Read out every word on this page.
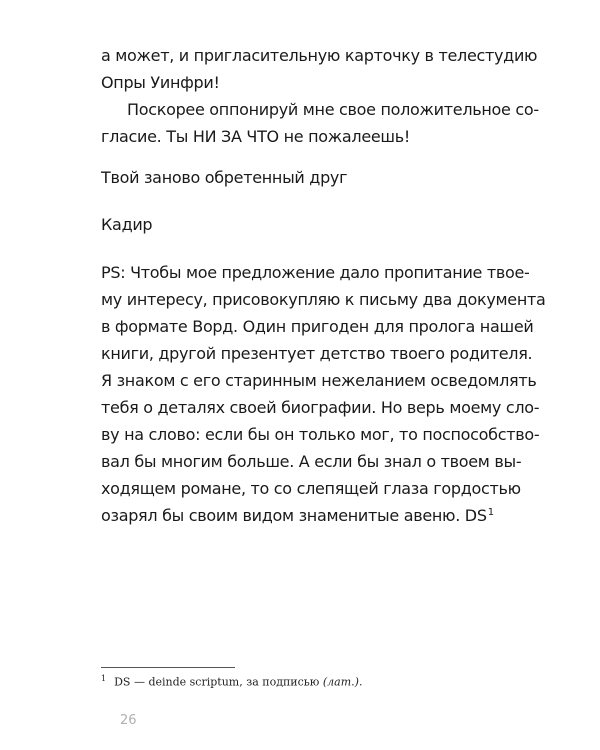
а может, и пригласительную карточку в телестудию
Опры Уинфри!
Поскорее оппонируй мне свое положительное со-
гласие. Ты НИ ЗА ЧТО не пожалеешь!
Твой заново обретенный друг
Кадир
PS: Чтобы мое предложение дало пропитание твое-
му интересу, присовокупляю к письму два документа
в формате Ворд. Один пригоден для пролога нашей
книги, другой презентует детство твоего родителя.
Я знаком с его старинным нежеланием осведомлять
тебя о деталях своей биографии. Но верь моему сло-
ву на слово: если бы он только мог, то поспособство-
вал бы многим больше. А если бы знал о твоем вы-
ходящем романе, то со слепящей глаза гордостью
озарял бы своим видом знаменитые авеню. $DS^1$
$^1$ DS — deinde scriptum, за подписью (лат.).
26
